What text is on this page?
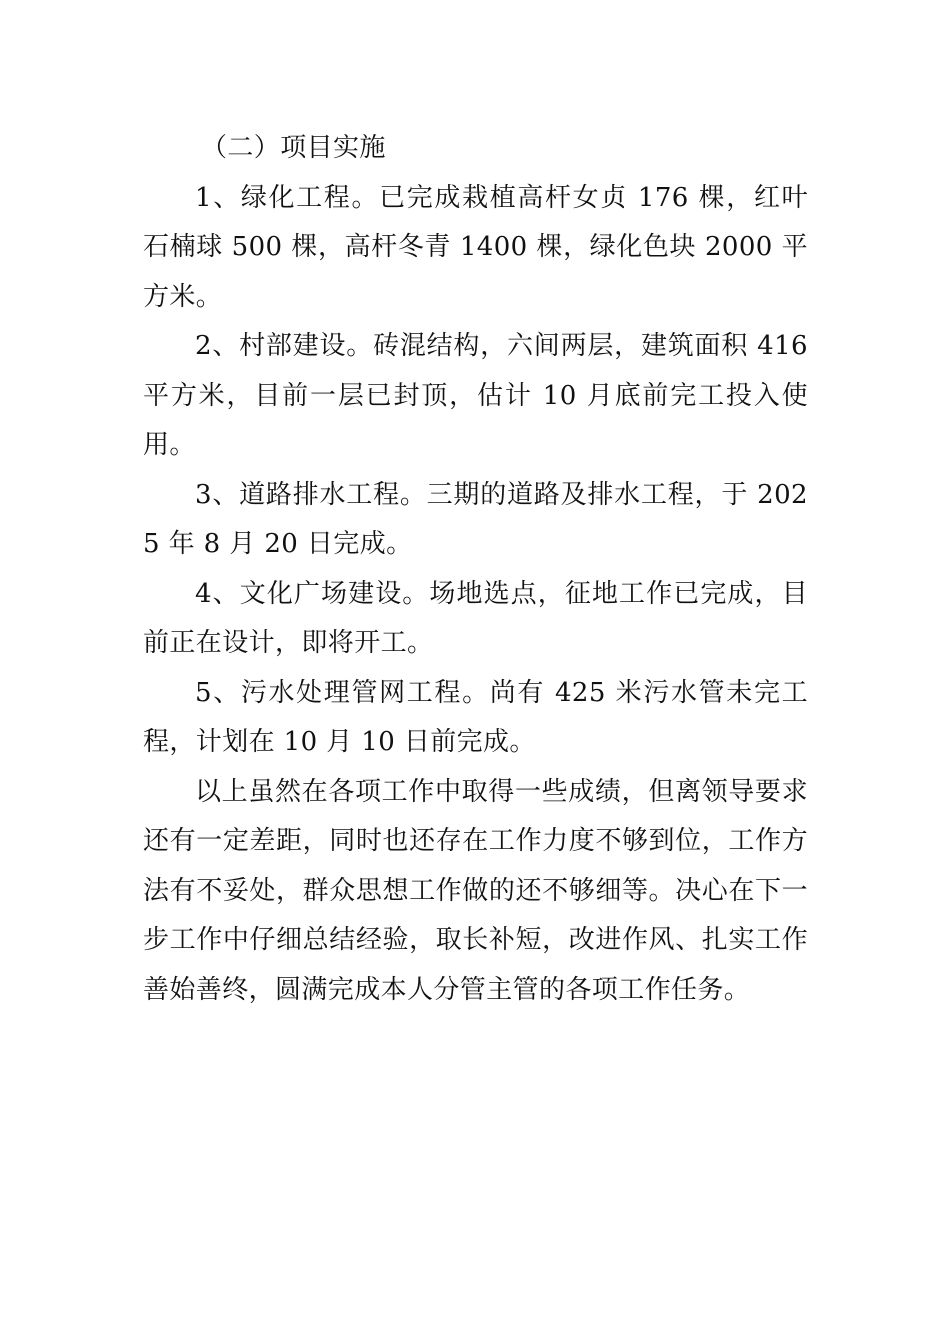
（二）项目实施

1、绿化工程。已完成栽植高杆女贞 176 棵，红叶石楠球 500 棵，高杆冬青 1400 棵，绿化色块 2000 平方米。

2、村部建设。砖混结构，六间两层，建筑面积 416 平方米，目前一层已封顶，估计 10 月底前完工投入使用。

3、道路排水工程。三期的道路及排水工程，于 2025 年 8 月 20 日完成。

4、文化广场建设。场地选点，征地工作已完成，目前正在设计，即将开工。

5、污水处理管网工程。尚有 425 米污水管未完工程，计划在 10 月 10 日前完成。

以上虽然在各项工作中取得一些成绩，但离领导要求还有一定差距，同时也还存在工作力度不够到位，工作方法有不妥处，群众思想工作做的还不够细等。决心在下一步工作中仔细总结经验，取长补短，改进作风、扎实工作善始善终，圆满完成本人分管主管的各项工作任务。
